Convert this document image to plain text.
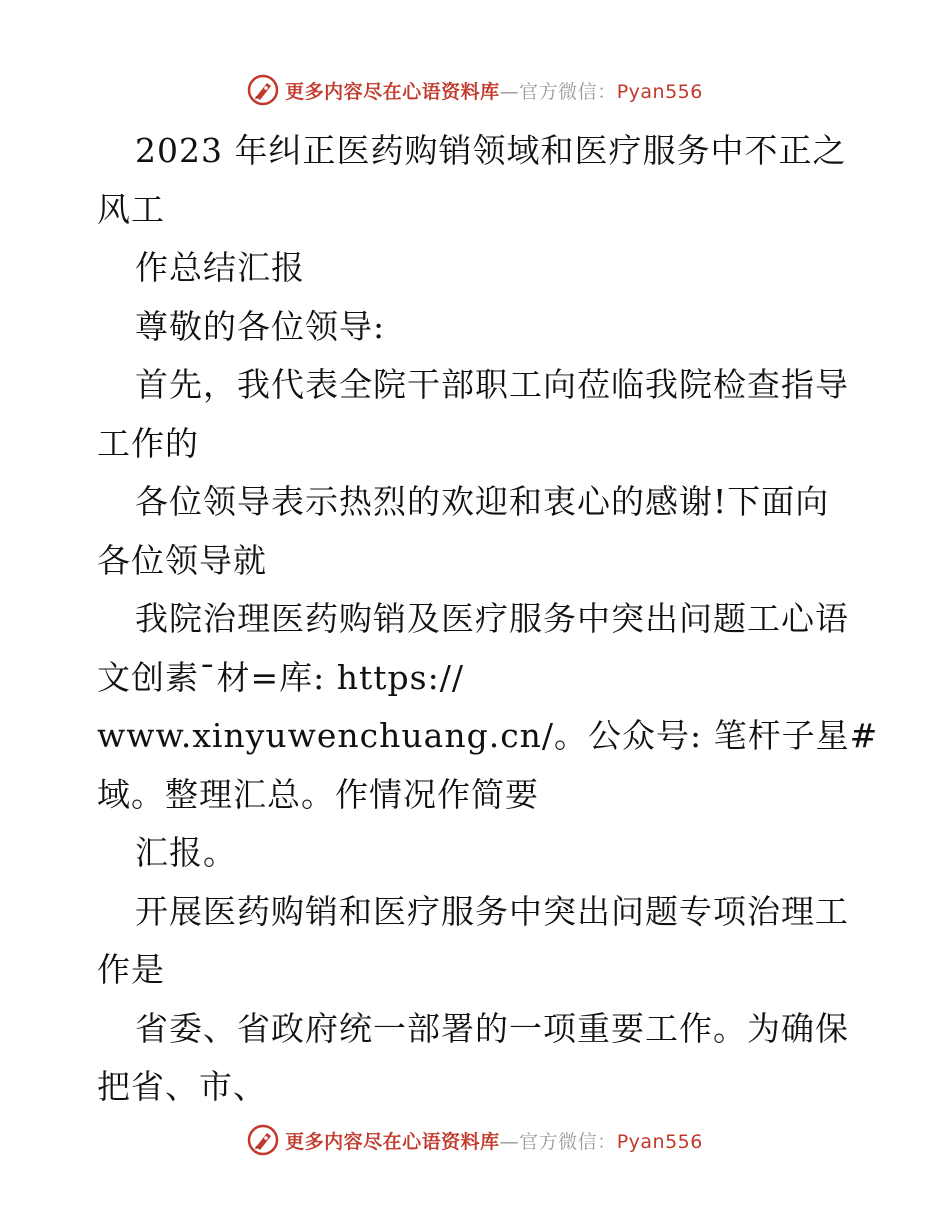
更多内容尽在心语资料库—官方微信：Pyan556
2023 年纠正医药购销领域和医疗服务中不正之
风工
作总结汇报
尊敬的各位领导:
首先，我代表全院干部职工向莅临我院检查指导
工作的
各位领导表示热烈的欢迎和衷心的感谢!下面向
各位领导就
我院治理医药购销及医疗服务中突出问题工心语
文创素¯材=库: https://
www.xinyuwenchuang.cn/。公众号: 笔杆子星#
域。整理汇总。作情况作简要
汇报。
开展医药购销和医疗服务中突出问题专项治理工
作是
省委、省政府统一部署的一项重要工作。为确保
把省、市、
更多内容尽在心语资料库—官方微信：Pyan556
